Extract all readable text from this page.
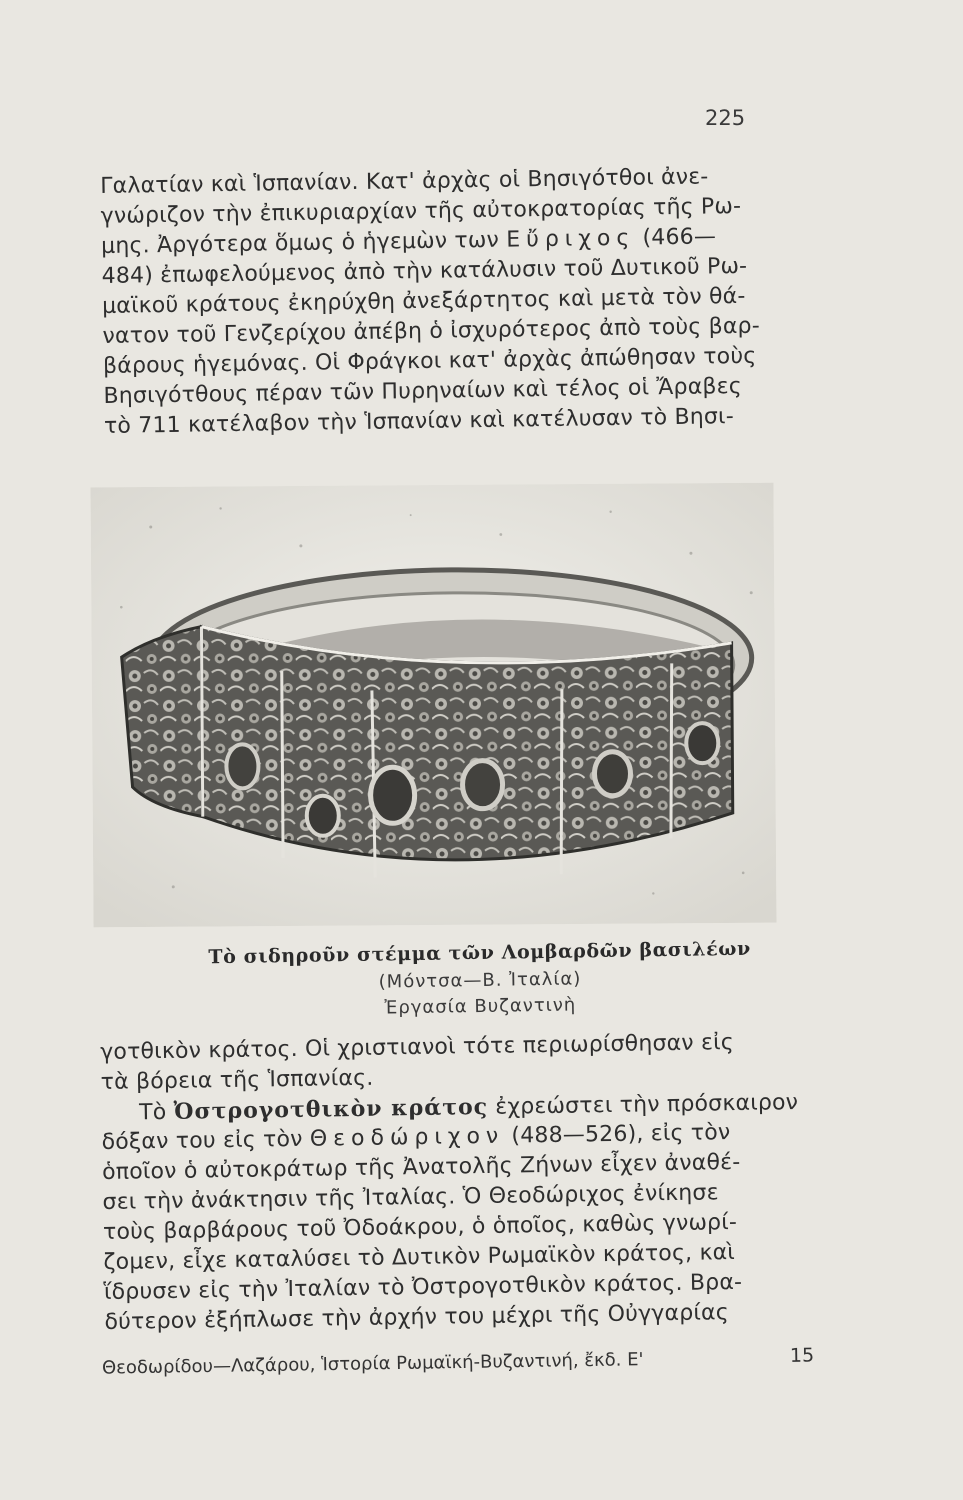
225
Γαλατίαν καὶ Ἱσπανίαν. Κατ' ἀρχὰς οἱ Βησιγότθοι ἀνε-
γνώριζον τὴν ἐπικυριαρχίαν τῆς αὐτοκρατορίας τῆς Ρω-
μης. Ἀργότερα ὅμως ὁ ἡγεμὼν των Εὔριχος (466—
484) ἐπωφελούμενος ἀπὸ τὴν κατάλυσιν τοῦ Δυτικοῦ Ρω-
μαϊκοῦ κράτους ἐκηρύχθη ἀνεξάρτητος καὶ μετὰ τὸν θά-
νατον τοῦ Γενζερίχου ἀπέβη ὁ ἰσχυρότερος ἀπὸ τοὺς βαρ-
βάρους ἡγεμόνας. Οἱ Φράγκοι κατ' ἀρχὰς ἀπώθησαν τοὺς
Βησιγότθους πέραν τῶν Πυρηναίων καὶ τέλος οἱ Ἄραβες
τὸ 711 κατέλαβον τὴν Ἱσπανίαν καὶ κατέλυσαν τὸ Βησι-
Τὸ σιδηροῦν στέμμα τῶν Λομβαρδῶν βασιλέων
(Μόντσα—Β. Ἰταλία)
Ἐργασία Βυζαντινὴ
γοτθικὸν κράτος. Οἱ χριστιανοὶ τότε περιωρίσθησαν εἰς
τὰ βόρεια τῆς Ἱσπανίας.
Τὸ Ὀστρογοτθικὸν κράτος ἐχρεώστει τὴν πρόσκαιρον
δόξαν του εἰς τὸν Θεοδώριχον (488—526), εἰς τὸν
ὁποῖον ὁ αὐτοκράτωρ τῆς Ἀνατολῆς Ζήνων εἶχεν ἀναθέ-
σει τὴν ἀνάκτησιν τῆς Ἰταλίας. Ὁ Θεοδώριχος ἐνίκησε
τοὺς βαρβάρους τοῦ Ὀδοάκρου, ὁ ὁποῖος, καθὼς γνωρί-
ζομεν, εἶχε καταλύσει τὸ Δυτικὸν Ρωμαϊκὸν κράτος, καὶ
ἵδρυσεν εἰς τὴν Ἰταλίαν τὸ Ὀστρογοτθικὸν κράτος. Βρα-
δύτερον ἐξήπλωσε τὴν ἀρχήν του μέχρι τῆς Οὐγγαρίας
Θεοδωρίδου—Λαζάρου, Ἱστορία Ρωμαϊκή-Βυζαντινή, ἔκδ. Ε'	15
